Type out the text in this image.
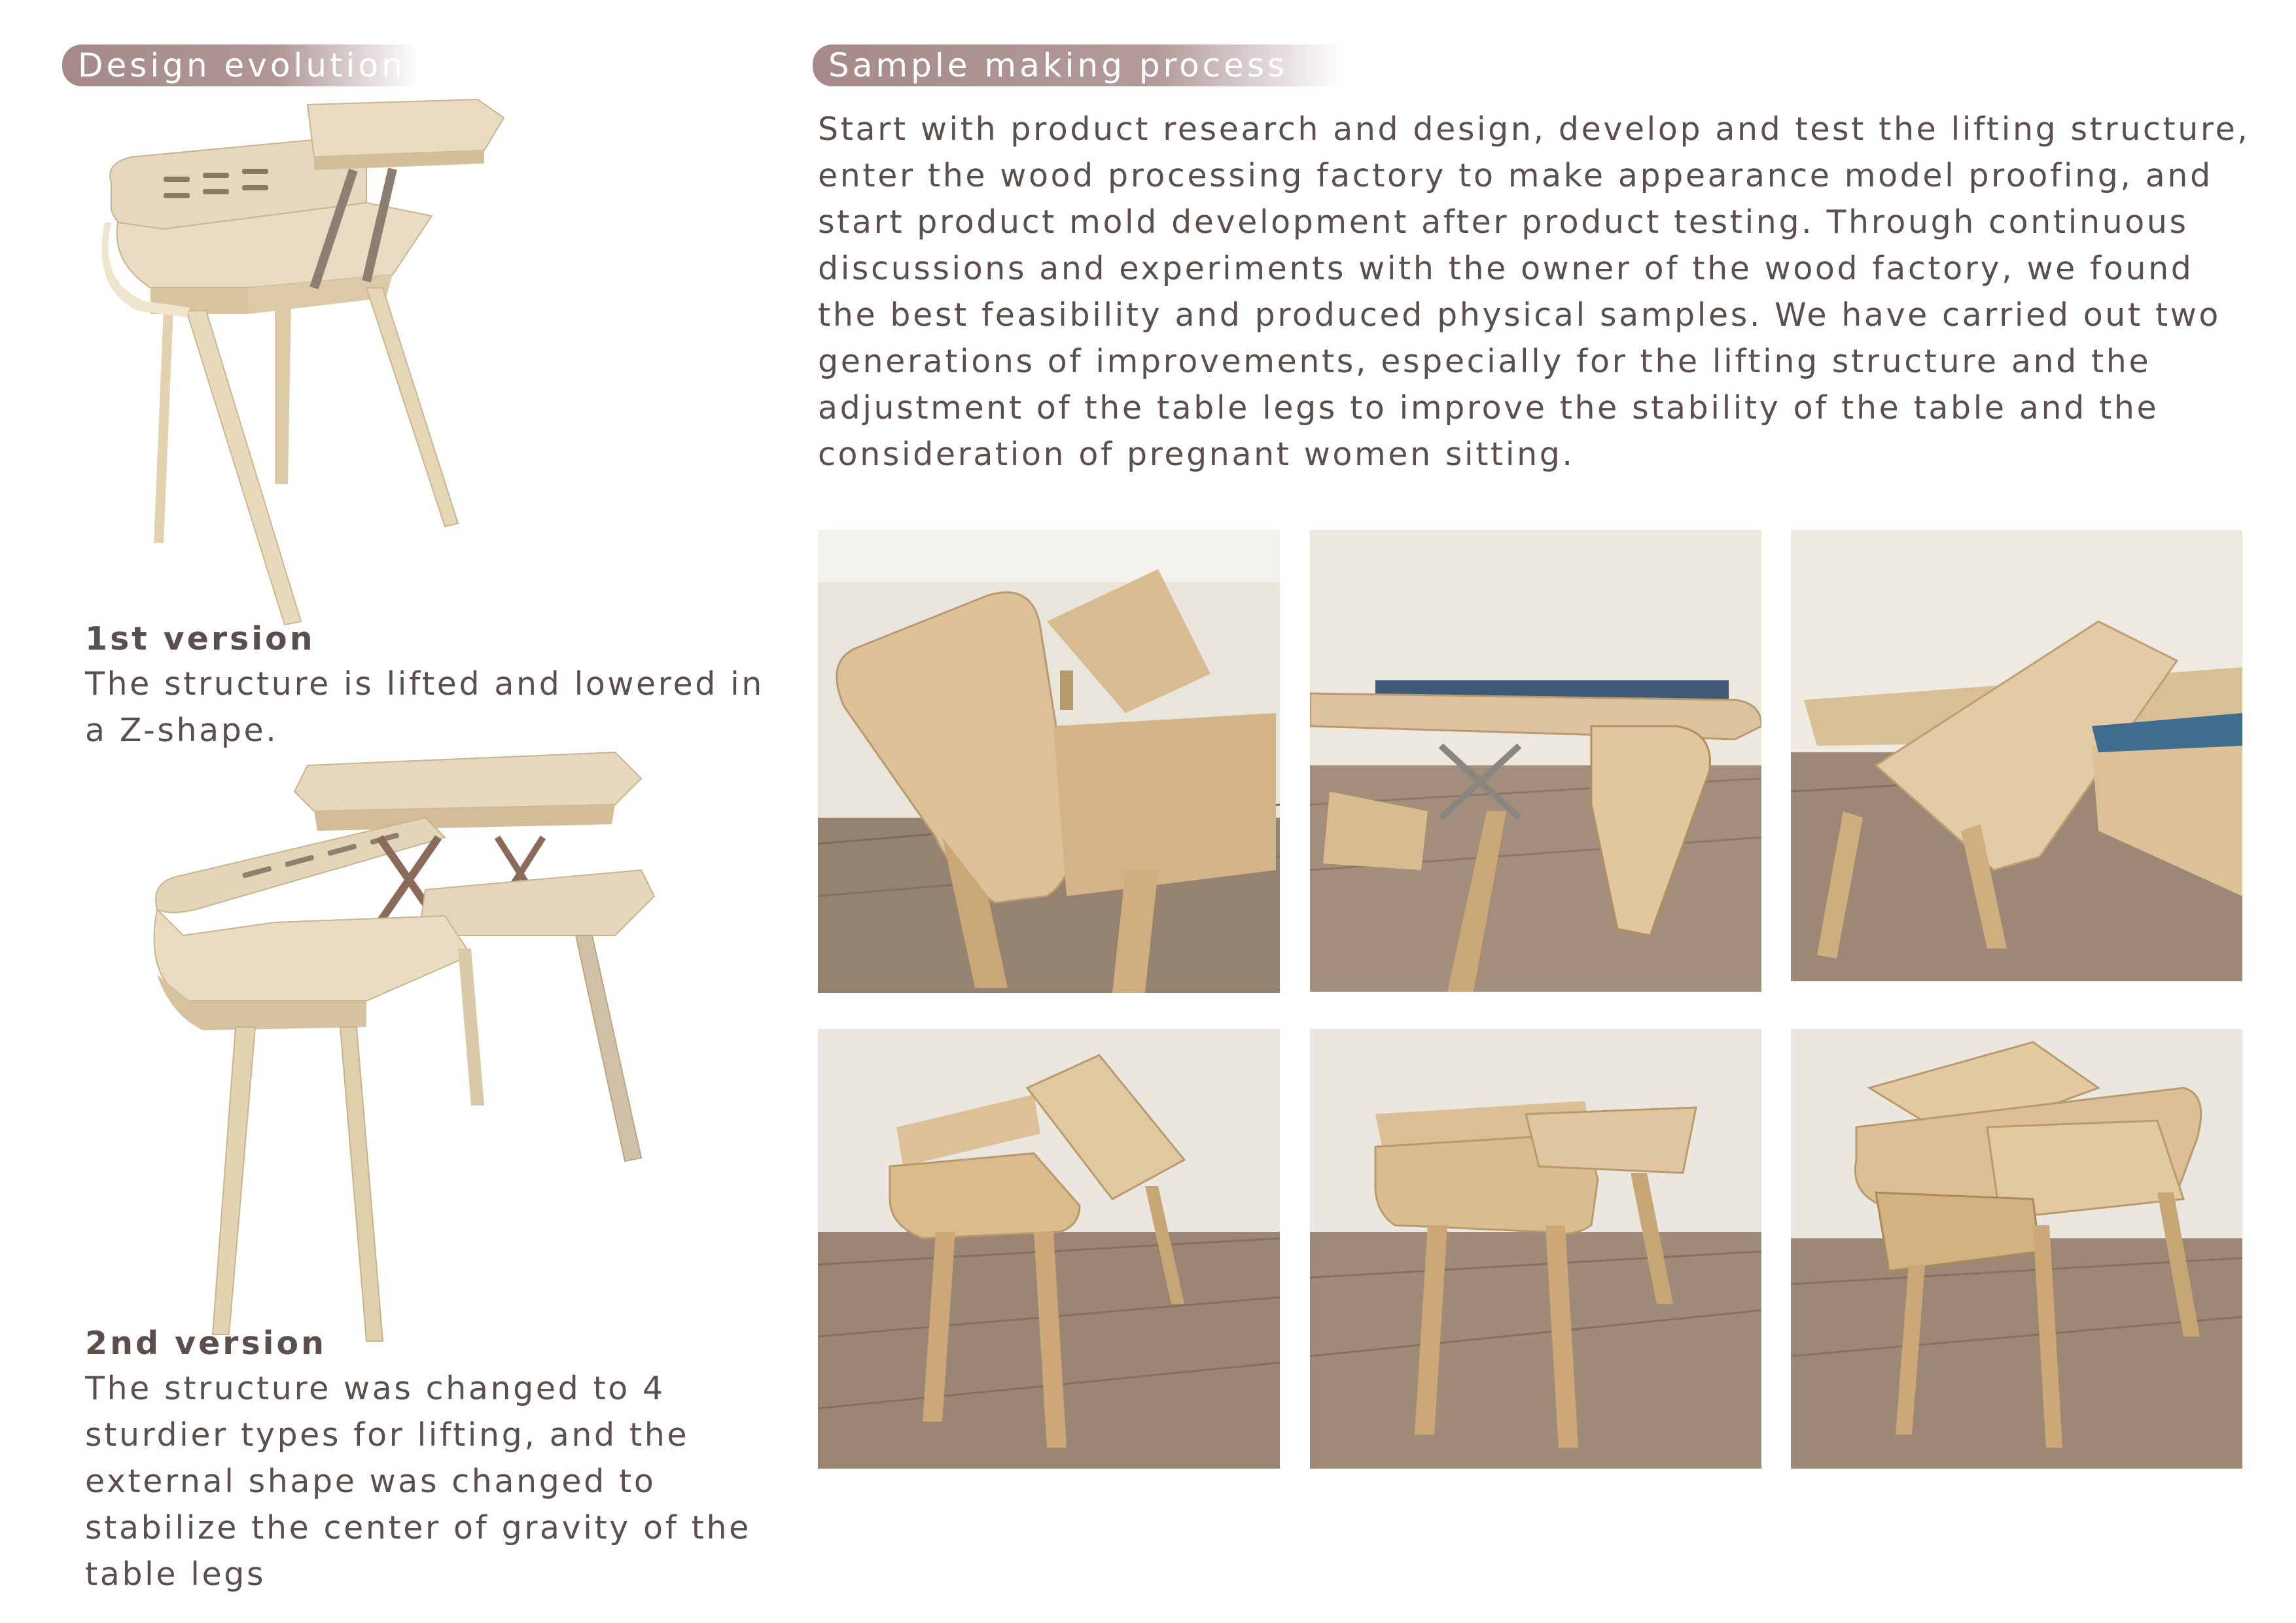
Design evolution	Sample making process

Start with product research and design, develop and test the lifting structure, enter the wood processing factory to make appearance model proofing, and start product mold development after product testing. Through continuous discussions and experiments with the owner of the wood factory, we found the best feasibility and produced physical samples. We have carried out two generations of improvements, especially for the lifting structure and the adjustment of the table legs to improve the stability of the table and the consideration of pregnant women sitting.

1st version

The structure is lifted and lowered in a Z-shape.

2nd version

The structure was changed to 4 sturdier types for lifting, and the external shape was changed to stabilize the center of gravity of the table legs
